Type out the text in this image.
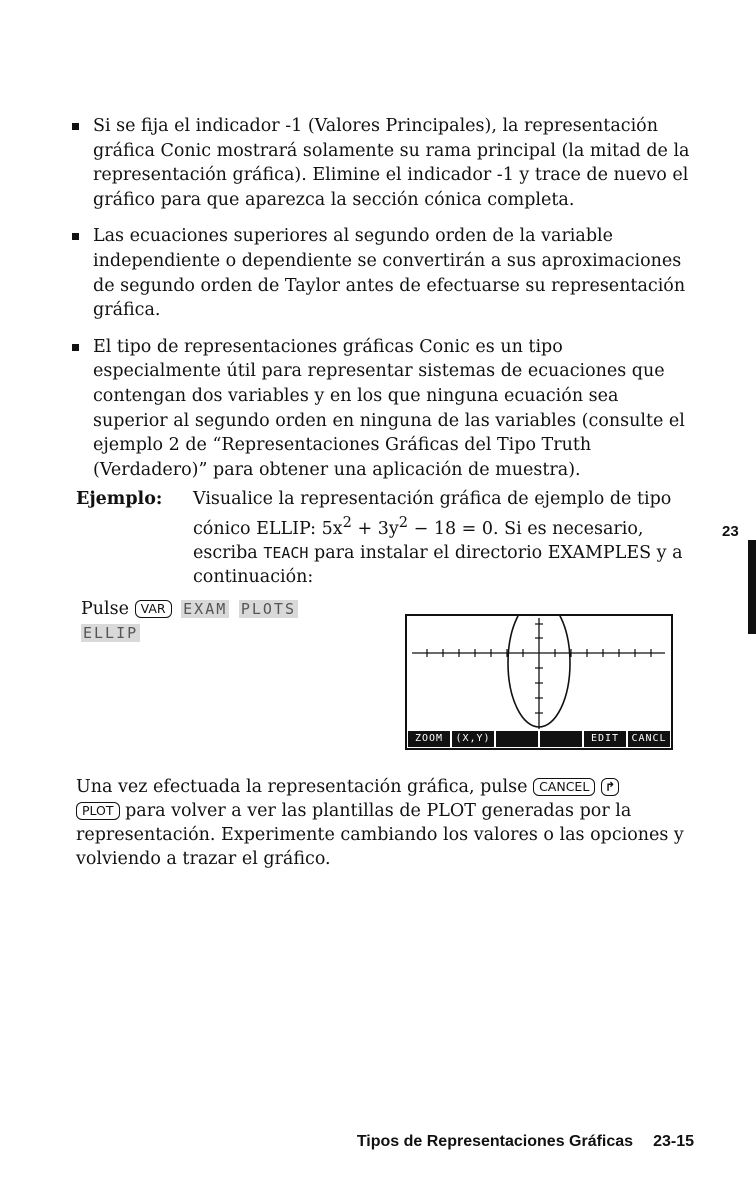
Si se fija el indicador -1 (Valores Principales), la representación gráfica Conic mostrará solamente su rama principal (la mitad de la representación gráfica). Elimine el indicador -1 y trace de nuevo el gráfico para que aparezca la sección cónica completa.
Las ecuaciones superiores al segundo orden de la variable independiente o dependiente se convertirán a sus aproximaciones de segundo orden de Taylor antes de efectuarse su representación gráfica.
El tipo de representaciones gráficas Conic es un tipo especialmente útil para representar sistemas de ecuaciones que contengan dos variables y en los que ninguna ecuación sea superior al segundo orden en ninguna de las variables (consulte el ejemplo 2 de “Representaciones Gráficas del Tipo Truth (Verdadero)” para obtener una aplicación de muestra).
Ejemplo: Visualice la representación gráfica de ejemplo de tipo cónico ELLIP: $5x^2 + 3y^2 - 18 = 0$. Si es necesario, escriba TEACH para instalar el directorio EXAMPLES y a continuación:
Pulse VAR EXAM PLOTS
ELLIP
ZOOM	(X,Y)	EDIT	CANCL
Una vez efectuada la representación gráfica, pulse CANCEL ↱
PLOT para volver a ver las plantillas de PLOT generadas por la representación. Experimente cambiando los valores o las opciones y volviendo a trazar el gráfico.
23
Tipos de Representaciones Gráficas 23-15
